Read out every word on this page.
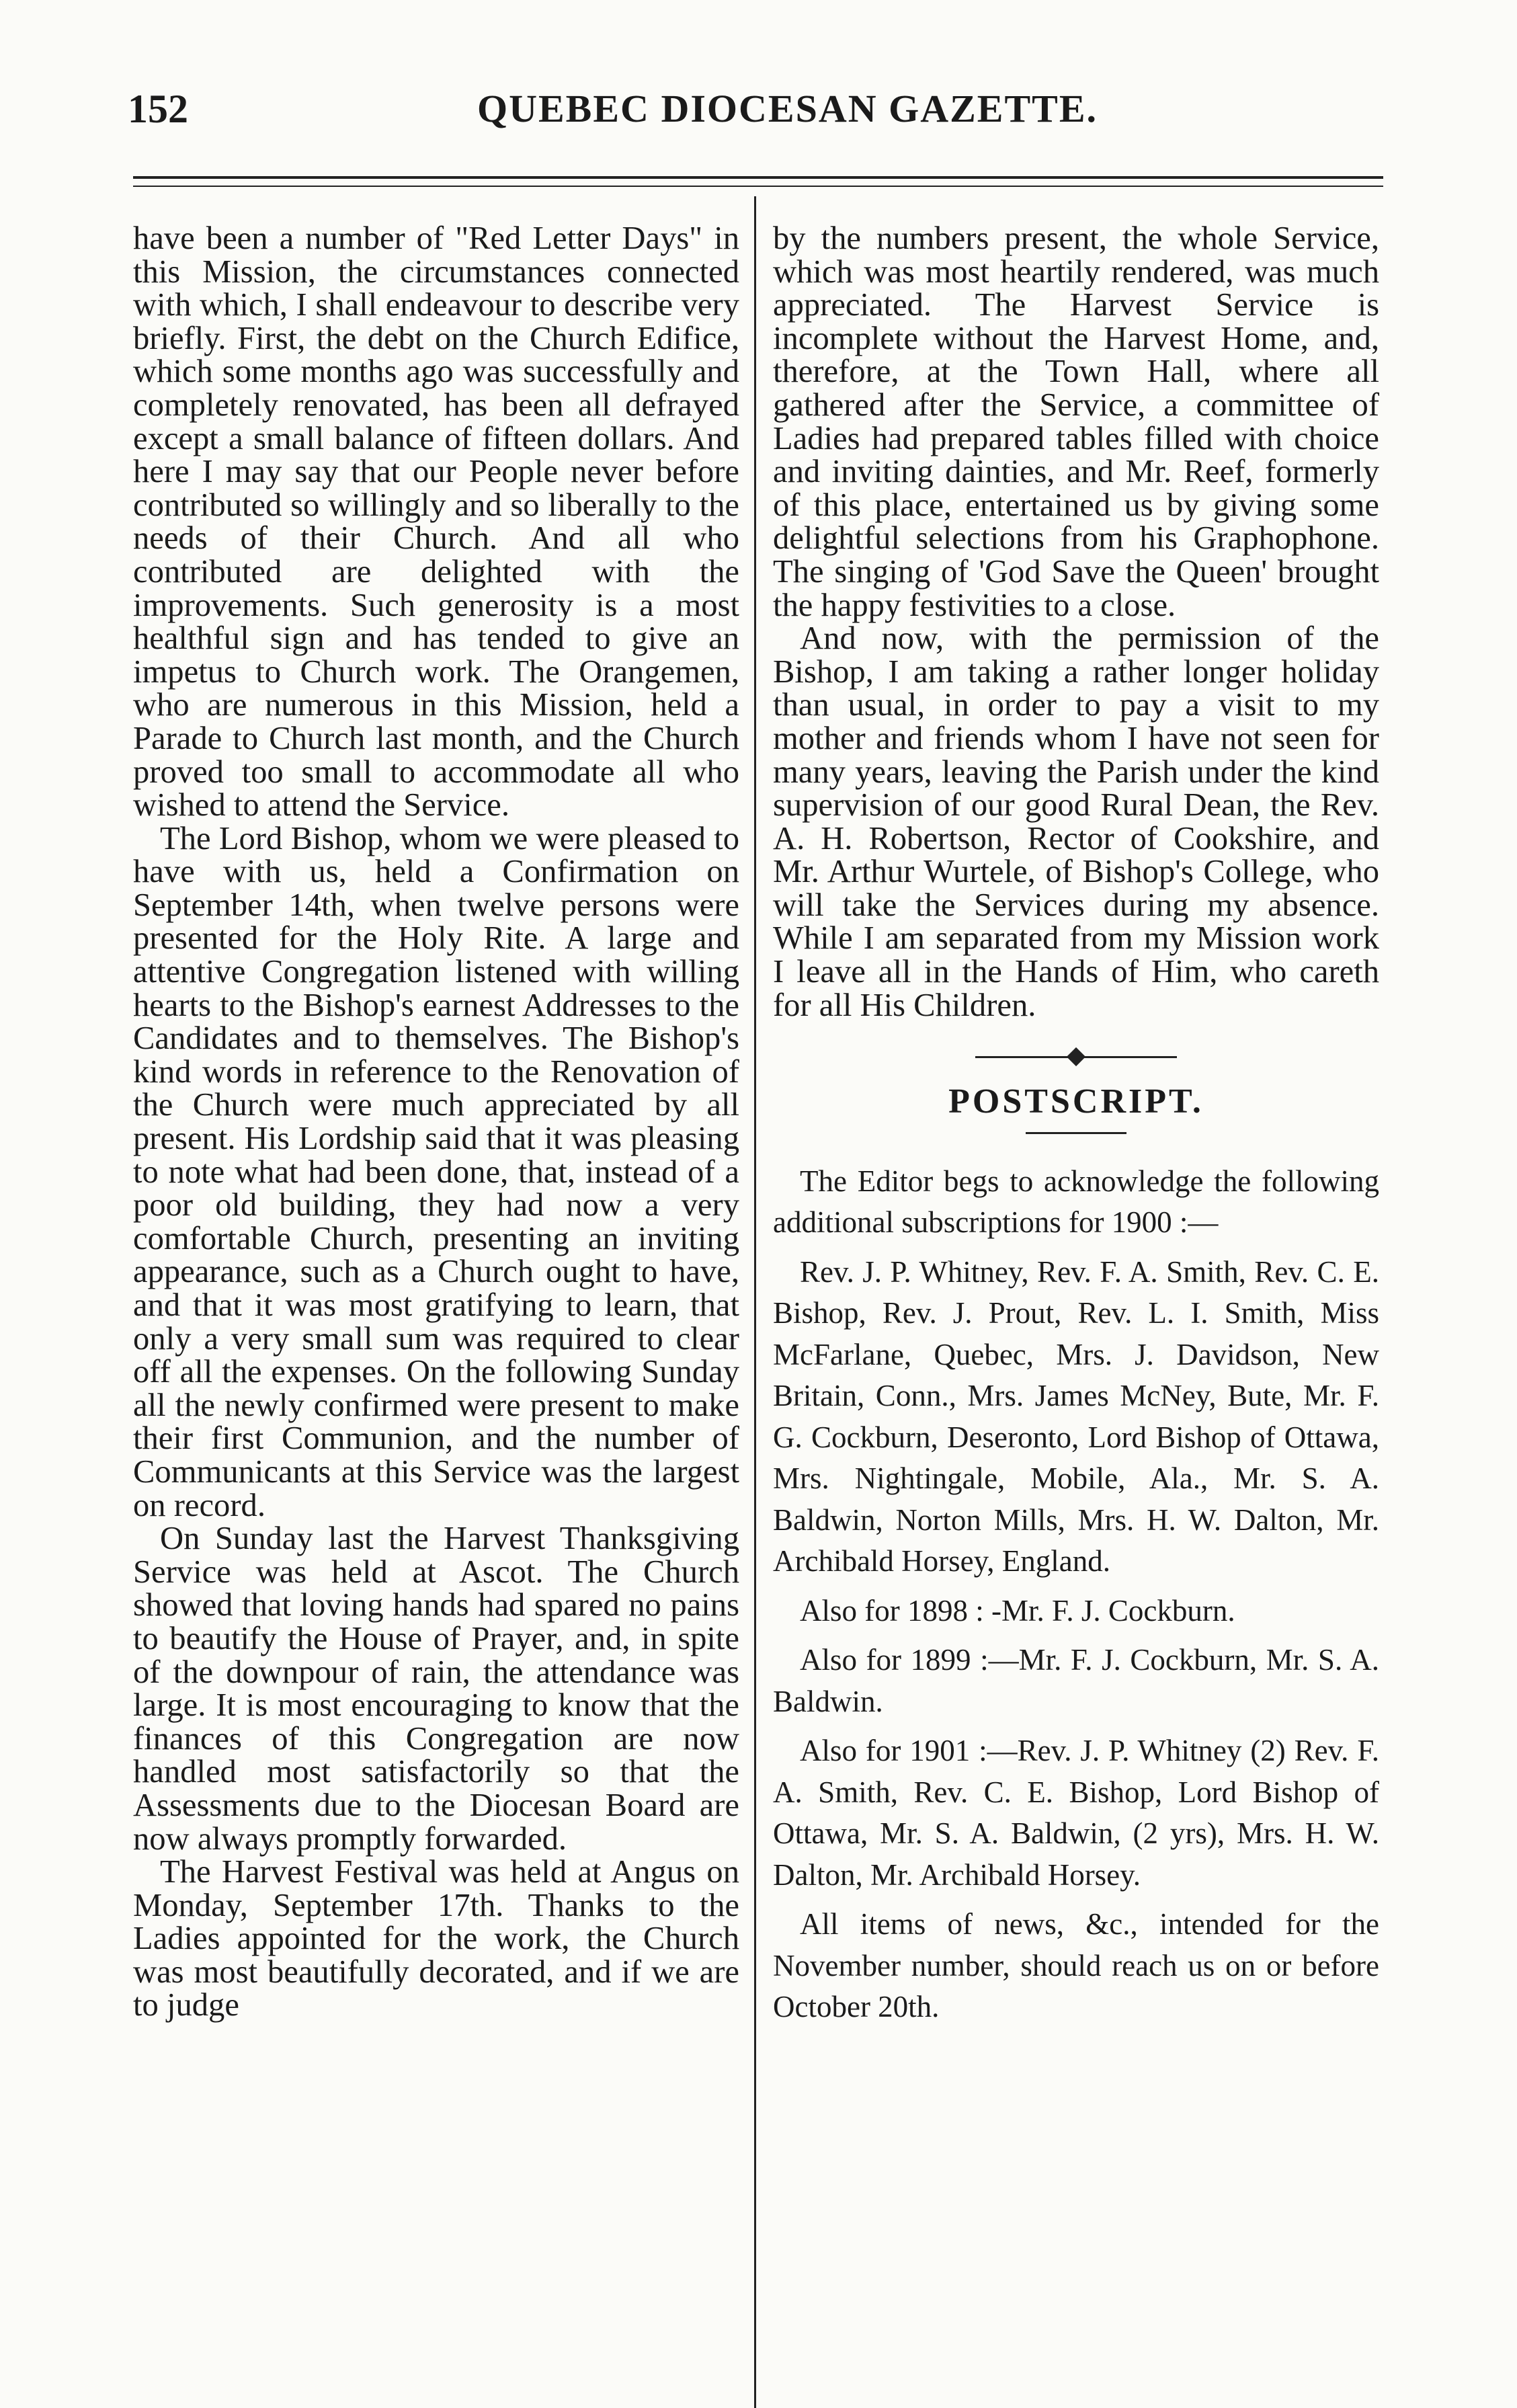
152	QUEBEC DIOCESAN GAZETTE.

have been a number of "Red Letter Days" in this Mission, the circumstances connected with which, I shall endeavour to describe very briefly. First, the debt on the Church Edifice, which some months ago was successfully and completely renovated, has been all defrayed except a small balance of fifteen dollars. And here I may say that our People never before contributed so willingly and so liberally to the needs of their Church. And all who contributed are delighted with the improvements. Such generosity is a most healthful sign and has tended to give an impetus to Church work. The Orangemen, who are numerous in this Mission, held a Parade to Church last month, and the Church proved too small to accommodate all who wished to attend the Service.

The Lord Bishop, whom we were pleased to have with us, held a Confirmation on September 14th, when twelve persons were presented for the Holy Rite. A large and attentive Congregation listened with willing hearts to the Bishop's earnest Addresses to the Candidates and to themselves. The Bishop's kind words in reference to the Renovation of the Church were much appreciated by all present. His Lordship said that it was pleasing to note what had been done, that, instead of a poor old building, they had now a very comfortable Church, presenting an inviting appearance, such as a Church ought to have, and that it was most gratifying to learn, that only a very small sum was required to clear off all the expenses. On the following Sunday all the newly confirmed were present to make their first Communion, and the number of Communicants at this Service was the largest on record.

On Sunday last the Harvest Thanksgiving Service was held at Ascot. The Church showed that loving hands had spared no pains to beautify the House of Prayer, and, in spite of the downpour of rain, the attendance was large. It is most encouraging to know that the finances of this Congregation are now handled most satisfactorily so that the Assessments due to the Diocesan Board are now always promptly forwarded.

The Harvest Festival was held at Angus on Monday, September 17th. Thanks to the Ladies appointed for the work, the Church was most beautifully decorated, and if we are to judge

by the numbers present, the whole Service, which was most heartily rendered, was much appreciated. The Harvest Service is incomplete without the Harvest Home, and, therefore, at the Town Hall, where all gathered after the Service, a committee of Ladies had prepared tables filled with choice and inviting dainties, and Mr. Reef, formerly of this place, entertained us by giving some delightful selections from his Graphophone. The singing of 'God Save the Queen' brought the happy festivities to a close.

And now, with the permission of the Bishop, I am taking a rather longer holiday than usual, in order to pay a visit to my mother and friends whom I have not seen for many years, leaving the Parish under the kind supervision of our good Rural Dean, the Rev. A. H. Robertson, Rector of Cookshire, and Mr. Arthur Wurtele, of Bishop's College, who will take the Services during my absence. While I am separated from my Mission work I leave all in the Hands of Him, who careth for all His Children.

POSTSCRIPT.

The Editor begs to acknowledge the following additional subscriptions for 1900 :—

Rev. J. P. Whitney, Rev. F. A. Smith, Rev. C. E. Bishop, Rev. J. Prout, Rev. L. I. Smith, Miss McFarlane, Quebec, Mrs. J. Davidson, New Britain, Conn., Mrs. James McNey, Bute, Mr. F. G. Cockburn, Deseronto, Lord Bishop of Ottawa, Mrs. Nightingale, Mobile, Ala., Mr. S. A. Baldwin, Norton Mills, Mrs. H. W. Dalton, Mr. Archibald Horsey, England.

Also for 1898 : -Mr. F. J. Cockburn.

Also for 1899 :—Mr. F. J. Cockburn, Mr. S. A. Baldwin.

Also for 1901 :—Rev. J. P. Whitney (2) Rev. F. A. Smith, Rev. C. E. Bishop, Lord Bishop of Ottawa, Mr. S. A. Baldwin, (2 yrs), Mrs. H. W. Dalton, Mr. Archibald Horsey.

All items of news, &c., intended for the November number, should reach us on or before October 20th.
